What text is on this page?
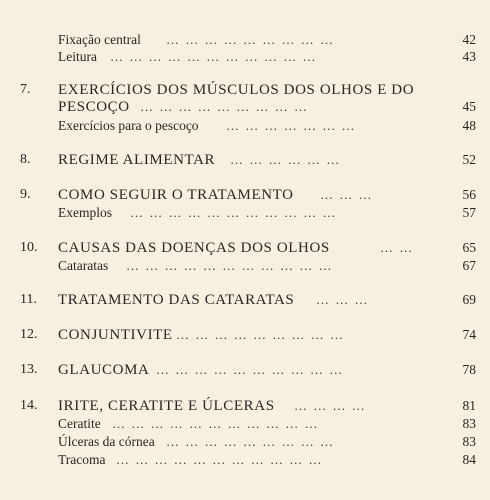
Fixação central … … … … … … … … …	42
Leitura … … … … … … … … … … …	43
7. EXERCÍCIOS DOS MÚSCULOS DOS OLHOS E DO
PESCOÇO … … … … … … … … …	45
Exercícios para o pescoço … … … … … … …	48
8. REGIME ALIMENTAR … … … … … …	52
9. COMO SEGUIR O TRATAMENTO … … …	56
Exemplos … … … … … … … … … … …	57
10. CAUSAS DAS DOENÇAS DOS OLHOS	… …	65
Cataratas … … … … … … … … … … …	67
11. TRATAMENTO DAS CATARATAS … … …	69
12. CONJUNTIVITE … … … … … … … … …	74
13. GLAUCOMA … … … … … … … … … …	78
14. IRITE, CERATITE E ÚLCERAS … … … …	81
Ceratite … … … … … … … … … … …	83
Úlceras da córnea … … … … … … … … …	83
Tracoma … … … … … … … … … … …	84
